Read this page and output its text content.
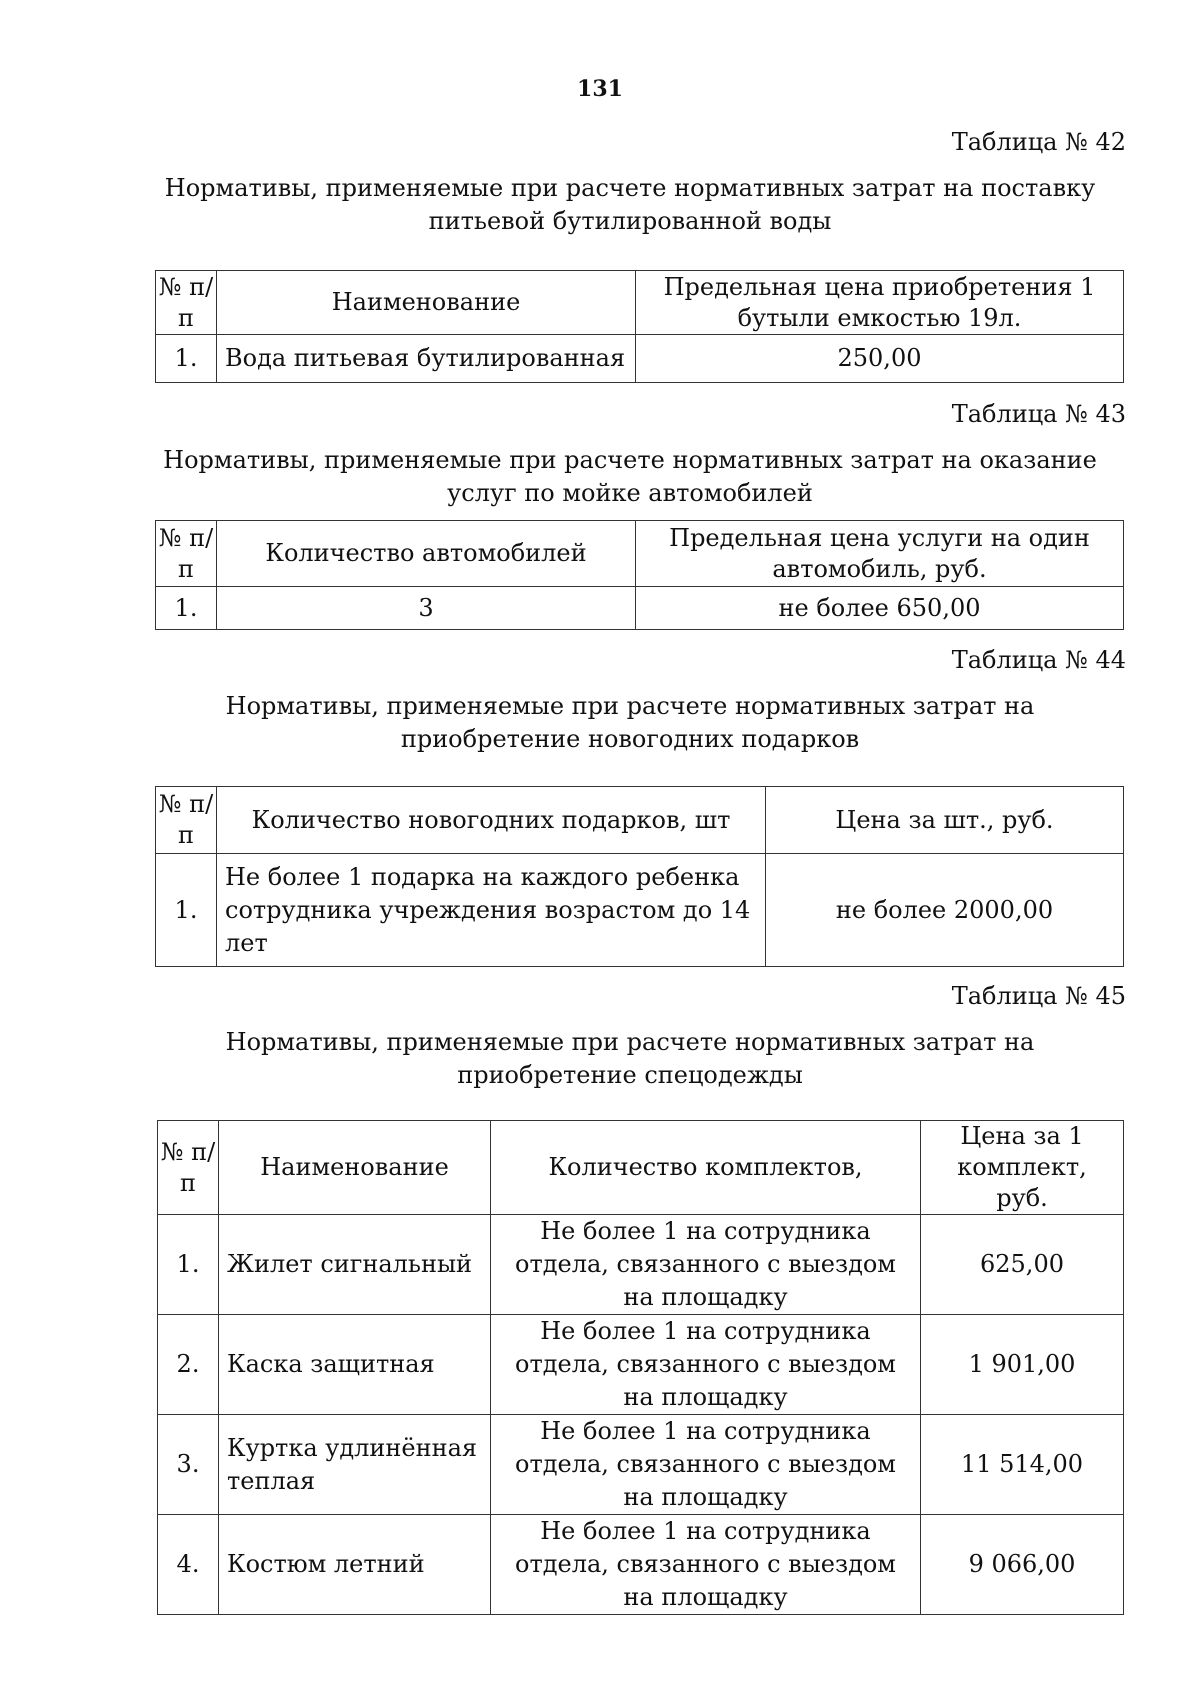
131
Таблица № 42
Нормативы, применяемые при расчете нормативных затрат на поставку питьевой бутилированной воды
№ п/п	Наименование	Предельная цена приобретения 1 бутыли емкостью 19л.
1.	Вода питьевая бутилированная	250,00
Таблица № 43
Нормативы, применяемые при расчете нормативных затрат на оказание услуг по мойке автомобилей
№ п/п	Количество автомобилей	Предельная цена услуги на один автомобиль, руб.
1.	3	не более 650,00
Таблица № 44
Нормативы, применяемые при расчете нормативных затрат на приобретение новогодних подарков
№ п/п	Количество новогодних подарков, шт	Цена за шт., руб.
1.	Не более 1 подарка на каждого ребенка сотрудника учреждения возрастом до 14 лет	не более 2000,00
Таблица № 45
Нормативы, применяемые при расчете нормативных затрат на приобретение спецодежды
№ п/п	Наименование	Количество комплектов,	Цена за 1 комплект, руб.
1.	Жилет сигнальный	Не более 1 на сотрудника отдела, связанного с выездом на площадку	625,00
2.	Каска защитная	Не более 1 на сотрудника отдела, связанного с выездом на площадку	1 901,00
3.	Куртка удлинённая теплая	Не более 1 на сотрудника отдела, связанного с выездом на площадку	11 514,00
4.	Костюм летний	Не более 1 на сотрудника отдела, связанного с выездом на площадку	9 066,00
